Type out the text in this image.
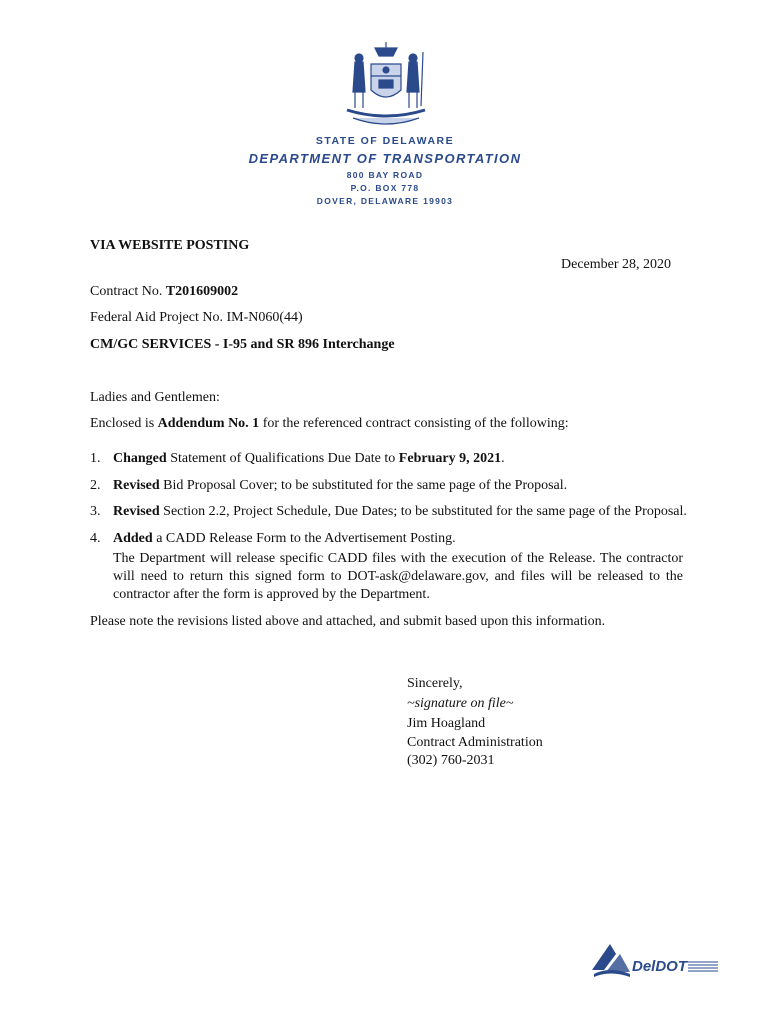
STATE OF DELAWARE
DEPARTMENT OF TRANSPORTATION
800 BAY ROAD
P.O. BOX 778
DOVER, DELAWARE 19903
VIA WEBSITE POSTING
December 28, 2020
Contract No. T201609002
Federal Aid Project No. IM-N060(44)
CM/GC SERVICES - I-95 and SR 896 Interchange
Ladies and Gentlemen:
Enclosed is Addendum No. 1 for the referenced contract consisting of the following:
1. Changed Statement of Qualifications Due Date to February 9, 2021.
2. Revised Bid Proposal Cover; to be substituted for the same page of the Proposal.
3. Revised Section 2.2, Project Schedule, Due Dates; to be substituted for the same page of the Proposal.
4. Added a CADD Release Form to the Advertisement Posting.
The Department will release specific CADD files with the execution of the Release. The contractor will need to return this signed form to DOT-ask@delaware.gov, and files will be released to the contractor after the form is approved by the Department.
Please note the revisions listed above and attached, and submit based upon this information.
Sincerely,
~signature on file~
Jim Hoagland
Contract Administration
(302) 760-2031
DelDOT
